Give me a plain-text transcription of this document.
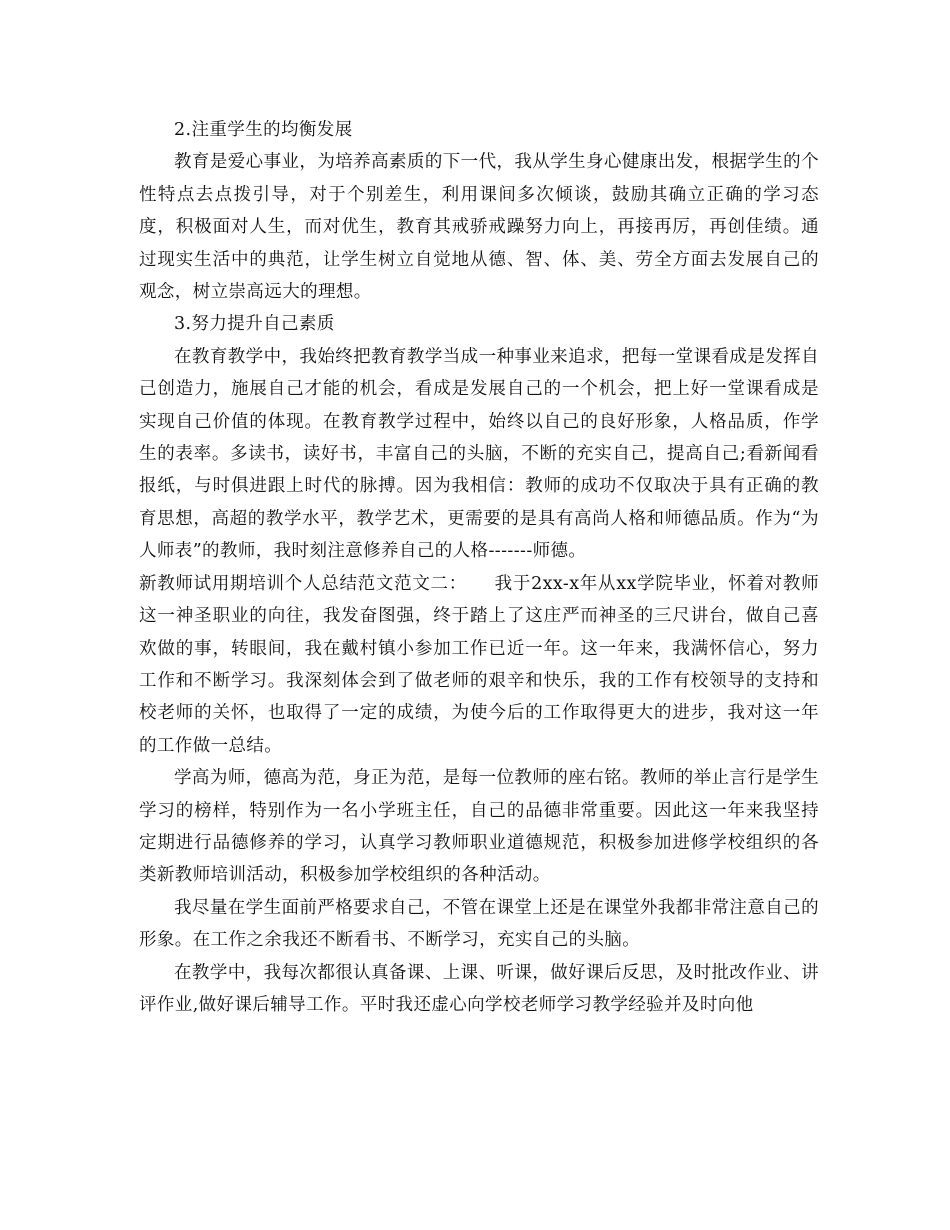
2.注重学生的均衡发展

教育是爱心事业，为培养高素质的下一代，我从学生身心健康出发，根据学生的个性特点去点拨引导，对于个别差生，利用课间多次倾谈，鼓励其确立正确的学习态度，积极面对人生，而对优生，教育其戒骄戒躁努力向上，再接再厉，再创佳绩。通过现实生活中的典范，让学生树立自觉地从德、智、体、美、劳全方面去发展自己的观念，树立崇高远大的理想。

3.努力提升自己素质

在教育教学中，我始终把教育教学当成一种事业来追求，把每一堂课看成是发挥自己创造力，施展自己才能的机会，看成是发展自己的一个机会，把上好一堂课看成是实现自己价值的体现。在教育教学过程中，始终以自己的良好形象，人格品质，作学生的表率。多读书，读好书，丰富自己的头脑，不断的充实自己，提高自己;看新闻看报纸，与时俱进跟上时代的脉搏。因为我相信：教师的成功不仅取决于具有正确的教育思想，高超的教学水平，教学艺术，更需要的是具有高尚人格和师德品质。作为“为人师表”的教师，我时刻注意修养自己的人格-------师德。

新教师试用期培训个人总结范文范文二：　　我于2xx-x年从xx学院毕业，怀着对教师这一神圣职业的向往，我发奋图强，终于踏上了这庄严而神圣的三尺讲台，做自己喜欢做的事，转眼间，我在戴村镇小参加工作已近一年。这一年来，我满怀信心，努力工作和不断学习。我深刻体会到了做老师的艰辛和快乐，我的工作有校领导的支持和校老师的关怀，也取得了一定的成绩，为使今后的工作取得更大的进步，我对这一年的工作做一总结。

学高为师，德高为范，身正为范，是每一位教师的座右铭。教师的举止言行是学生学习的榜样，特别作为一名小学班主任，自己的品德非常重要。因此这一年来我坚持定期进行品德修养的学习，认真学习教师职业道德规范，积极参加进修学校组织的各类新教师培训活动，积极参加学校组织的各种活动。

我尽量在学生面前严格要求自己，不管在课堂上还是在课堂外我都非常注意自己的形象。在工作之余我还不断看书、不断学习，充实自己的头脑。

在教学中，我每次都很认真备课、上课、听课，做好课后反思，及时批改作业、讲评作业,做好课后辅导工作。平时我还虚心向学校老师学习教学经验并及时向他
